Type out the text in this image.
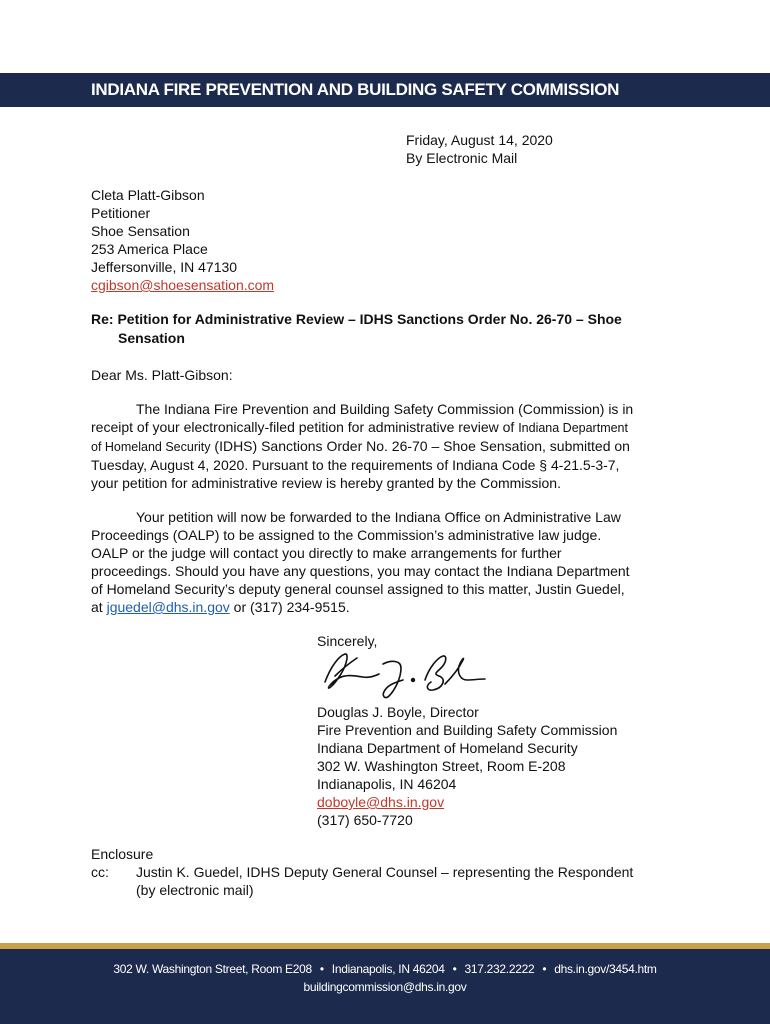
INDIANA FIRE PREVENTION AND BUILDING SAFETY COMMISSION
Friday, August 14, 2020
By Electronic Mail
Cleta Platt-Gibson
Petitioner
Shoe Sensation
253 America Place
Jeffersonville, IN 47130
cgibson@shoesensation.com
Re: Petition for Administrative Review – IDHS Sanctions Order No. 26-70 – Shoe
Sensation
Dear Ms. Platt-Gibson:
The Indiana Fire Prevention and Building Safety Commission (Commission) is in
receipt of your electronically-filed petition for administrative review of Indiana Department
of Homeland Security (IDHS) Sanctions Order No. 26-70 – Shoe Sensation, submitted on
Tuesday, August 4, 2020. Pursuant to the requirements of Indiana Code § 4-21.5-3-7,
your petition for administrative review is hereby granted by the Commission.
Your petition will now be forwarded to the Indiana Office on Administrative Law
Proceedings (OALP) to be assigned to the Commission’s administrative law judge.
OALP or the judge will contact you directly to make arrangements for further
proceedings. Should you have any questions, you may contact the Indiana Department
of Homeland Security’s deputy general counsel assigned to this matter, Justin Guedel,
at jguedel@dhs.in.gov or (317) 234-9515.
Sincerely,
Douglas J. Boyle, Director
Fire Prevention and Building Safety Commission
Indiana Department of Homeland Security
302 W. Washington Street, Room E-208
Indianapolis, IN 46204
doboyle@dhs.in.gov
(317) 650-7720
Enclosure
cc: Justin K. Guedel, IDHS Deputy General Counsel – representing the Respondent
(by electronic mail)
302 W. Washington Street, Room E208 • Indianapolis, IN 46204 • 317.232.2222 • dhs.in.gov/3454.htm
buildingcommission@dhs.in.gov
